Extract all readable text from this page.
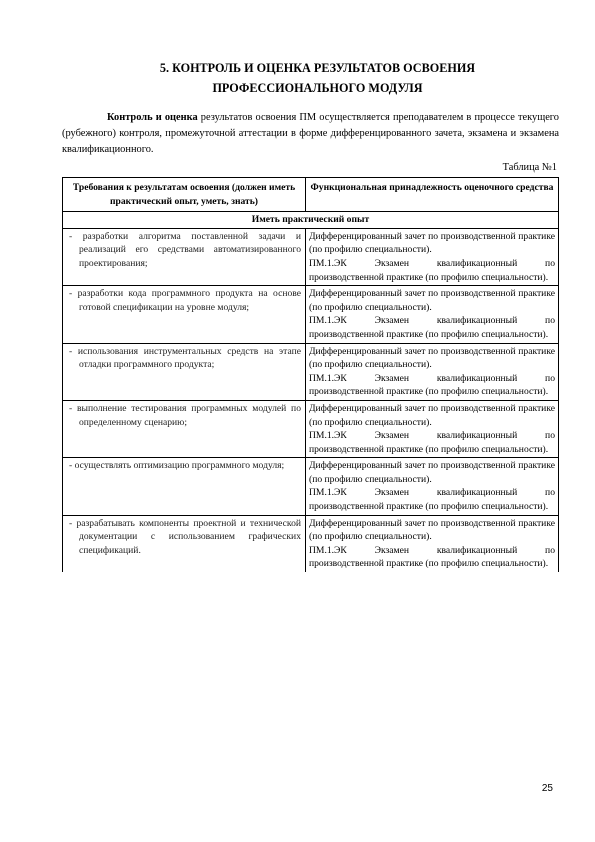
5. КОНТРОЛЬ И ОЦЕНКА РЕЗУЛЬТАТОВ ОСВОЕНИЯ
ПРОФЕССИОНАЛЬНОГО МОДУЛЯ
Контроль и оценка результатов освоения ПМ осуществляется преподавателем в процессе текущего (рубежного) контроля, промежуточной аттестации в форме дифференцированного зачета, экзамена и экзамена квалификационного.
Таблица №1
Требования к результатам освоения (должен иметь практический опыт, уметь, знать)	Функциональная принадлежность оценочного средства
Иметь практический опыт	

- разработки алгоритма поставленной задачи и реализаций его средствами автоматизированного проектирования;	Дифференцированный зачет по производственной практике (по профилю специальности).

ПМ.1.ЭК Экзамен квалификационный по производственной практике (по профилю специальности).

- разработки кода программного продукта на основе готовой спецификации на уровне модуля;	Дифференцированный зачет по производственной практике (по профилю специальности).

ПМ.1.ЭК Экзамен квалификационный по производственной практике (по профилю специальности).

- использования инструментальных средств на этапе отладки программного продукта;	Дифференцированный зачет по производственной практике (по профилю специальности).

ПМ.1.ЭК Экзамен квалификационный по производственной практике (по профилю специальности).

- выполнение тестирования программных модулей по определенному сценарию;	Дифференцированный зачет по производственной практике (по профилю специальности).

ПМ.1.ЭК Экзамен квалификационный по производственной практике (по профилю специальности).

- осуществлять оптимизацию программного модуля;	Дифференцированный зачет по производственной практике (по профилю специальности).

ПМ.1.ЭК Экзамен квалификационный по производственной практике (по профилю специальности).

- разрабатывать компоненты проектной и технической документации с использованием графических спецификаций.	Дифференцированный зачет по производственной практике (по профилю специальности).

ПМ.1.ЭК Экзамен квалификационный по производственной практике (по профилю специальности).

25
